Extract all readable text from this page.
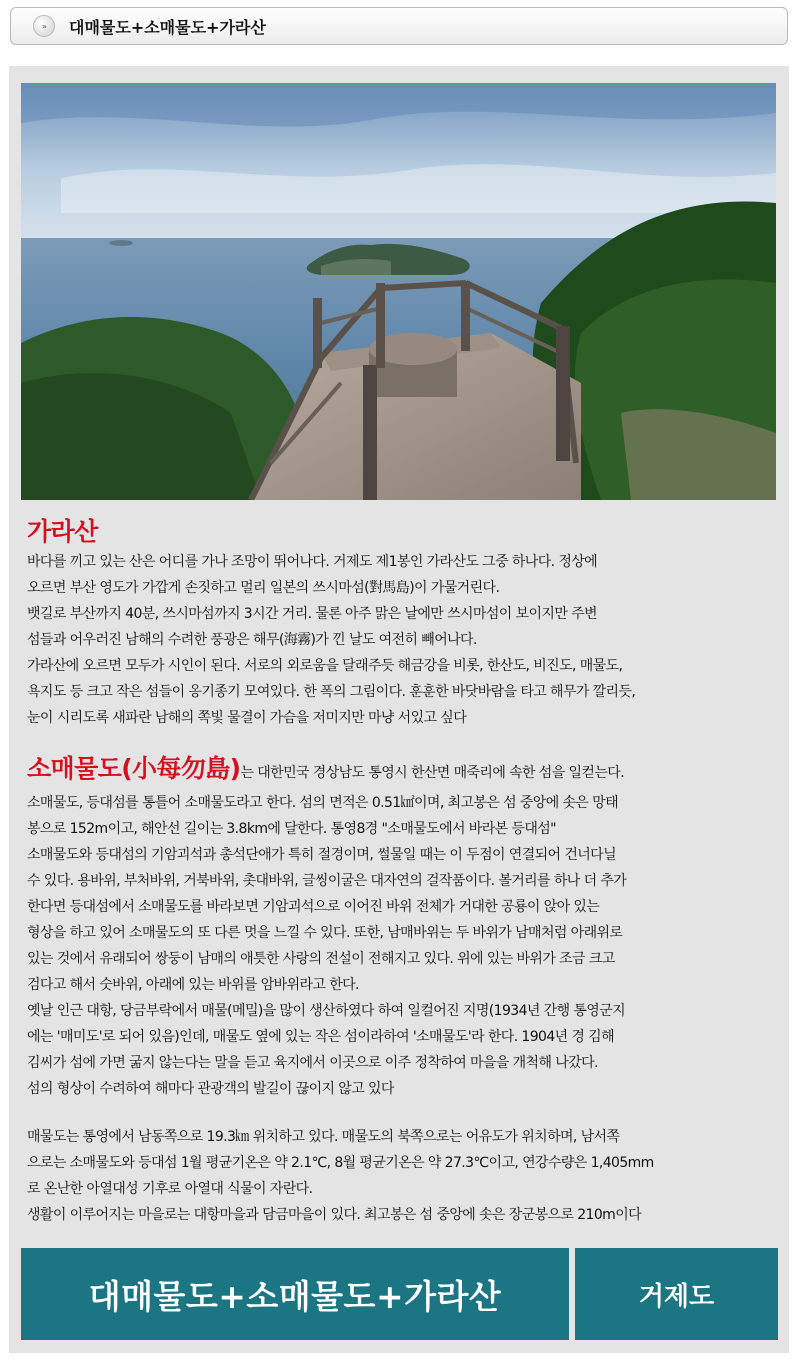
»	대매물도+소매물도+가라산
가라산
바다를 끼고 있는 산은 어디를 가나 조망이 뛰어나다. 거제도 제1봉인 가라산도 그중 하나다. 정상에
오르면 부산 영도가 가깝게 손짓하고 멀리 일본의 쓰시마섬(對馬島)이 가물거린다.
뱃길로 부산까지 40분, 쓰시마섬까지 3시간 거리. 물론 아주 맑은 날에만 쓰시마섬이 보이지만 주변
섬들과 어우러진 남해의 수려한 풍광은 해무(海霧)가 낀 날도 여전히 빼어나다.
가라산에 오르면 모두가 시인이 된다. 서로의 외로움을 달래주듯 해금강을 비롯, 한산도, 비진도, 매물도,
욕지도 등 크고 작은 섬들이 옹기종기 모여있다. 한 폭의 그림이다. 훈훈한 바닷바람을 타고 해무가 깔리듯,
눈이 시리도록 새파란 남해의 쪽빛 물결이 가슴을 저미지만 마냥 서있고 싶다
소매물도(小每勿島)는 대한민국 경상남도 통영시 한산면 매죽리에 속한 섬을 일컫는다.
소매물도, 등대섬를 통틀어 소매물도라고 한다. 섬의 면적은 0.51㎢이며, 최고봉은 섬 중앙에 솟은 망태
봉으로 152m이고, 해안선 길이는 3.8km에 달한다. 통영8경 "소매물도에서 바라본 등대섬"
소매물도와 등대섬의 기암괴석과 총석단애가 특히 절경이며, 썰물일 때는 이 두점이 연결되어 건너다닐
수 있다. 용바위, 부처바위, 거북바위, 촛대바위, 글씽이굴은 대자연의 걸작품이다. 볼거리를 하나 더 추가
한다면 등대섬에서 소매물도를 바라보면 기암괴석으로 이어진 바위 전체가 거대한 공룡이 앉아 있는
형상을 하고 있어 소매물도의 또 다른 멋을 느낄 수 있다. 또한, 남매바위는 두 바위가 남매처럼 아래위로
있는 것에서 유래되어 쌍둥이 남매의 애틋한 사랑의 전설이 전해지고 있다. 위에 있는 바위가 조금 크고
검다고 해서 숫바위, 아래에 있는 바위를 암바위라고 한다.
옛날 인근 대항, 당금부락에서 매물(메밀)을 많이 생산하였다 하여 일컬어진 지명(1934년 간행 통영군지
에는 '매미도'로 되어 있음)인데, 매물도 옆에 있는 작은 섬이라하여 '소매물도'라 한다. 1904년 경 김해
김씨가 섬에 가면 굶지 않는다는 말을 듣고 육지에서 이곳으로 이주 정착하여 마을을 개척해 나갔다.
섬의 형상이 수려하여 해마다 관광객의 발길이 끊이지 않고 있다
매물도는 통영에서 남동쪽으로 19.3㎞ 위치하고 있다. 매물도의 북쪽으로는 어유도가 위치하며, 남서쪽
으로는 소매물도와 등대섬 1월 평균기온은 약 2.1℃, 8월 평균기온은 약 27.3℃이고, 연강수량은 1,405mm
로 온난한 아열대성 기후로 아열대 식물이 자란다.
생활이 이루어지는 마을로는 대항마을과 담금마을이 있다. 최고봉은 섬 중앙에 솟은 장군봉으로 210m이다
대매물도+소매물도+가라산	거제도
